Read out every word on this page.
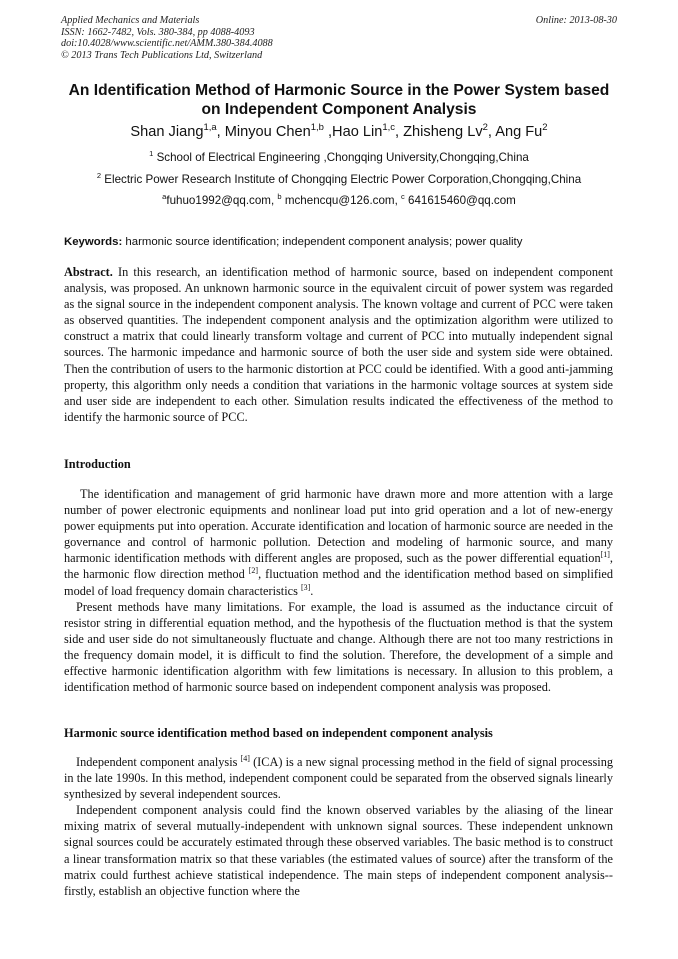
Applied Mechanics and Materials
ISSN: 1662-7482, Vols. 380-384, pp 4088-4093
doi:10.4028/www.scientific.net/AMM.380-384.4088
© 2013 Trans Tech Publications Ltd, Switzerland
Online: 2013-08-30
An Identification Method of Harmonic Source in the Power System based
on Independent Component Analysis
Shan Jiang$^{1,a}$, Minyou Chen$^{1,b}$ ,Hao Lin$^{1,c}$, Zhisheng Lv$^2$, Ang Fu$^2$
$^1$ School of Electrical Engineering ,Chongqing University,Chongqing,China
$^2$ Electric Power Research Institute of Chongqing Electric Power Corporation,Chongqing,China
$^a$fuhuo1992@qq.com, $^b$ mchencqu@126.com, $^c$ 641615460@qq.com
Keywords: harmonic source identification; independent component analysis; power quality

Abstract. In this research, an identification method of harmonic source, based on independent component analysis, was proposed. An unknown harmonic source in the equivalent circuit of power system was regarded as the signal source in the independent component analysis. The known voltage and current of PCC were taken as observed quantities. The independent component analysis and the optimization algorithm were utilized to construct a matrix that could linearly transform voltage and current of PCC into mutually independent signal sources. The harmonic impedance and harmonic source of both the user side and system side were obtained. Then the contribution of users to the harmonic distortion at PCC could be identified. With a good anti-jamming property, this algorithm only needs a condition that variations in the harmonic voltage sources at system side and user side are independent to each other. Simulation results indicated the effectiveness of the method to identify the harmonic source of PCC.

Introduction

The identification and management of grid harmonic have drawn more and more attention with a large number of power electronic equipments and nonlinear load put into grid operation and a lot of new-energy power equipments put into operation. Accurate identification and location of harmonic source are needed in the governance and control of harmonic pollution. Detection and modeling of harmonic source, and many harmonic identification methods with different angles are proposed, such as the power differential equation[1], the harmonic flow direction method [2], fluctuation method and the identification method based on simplified model of load frequency domain characteristics [3].

Present methods have many limitations. For example, the load is assumed as the inductance circuit of resistor string in differential equation method, and the hypothesis of the fluctuation method is that the system side and user side do not simultaneously fluctuate and change. Although there are not too many restrictions in the frequency domain model, it is difficult to find the solution. Therefore, the development of a simple and effective harmonic identification algorithm with few limitations is necessary. In allusion to this problem, a identification method of harmonic source based on independent component analysis was proposed.

Harmonic source identification method based on independent component analysis

Independent component analysis [4] (ICA) is a new signal processing method in the field of signal processing in the late 1990s. In this method, independent component could be separated from the observed signals linearly synthesized by several independent sources.

Independent component analysis could find the known observed variables by the aliasing of the linear mixing matrix of several mutually-independent with unknown signal sources. These independent unknown signal sources could be accurately estimated through these observed variables. The basic method is to construct a linear transformation matrix so that these variables (the estimated values of source) after the transform of the matrix could furthest achieve statistical independence. The main steps of independent component analysis-- firstly, establish an objective function where the
